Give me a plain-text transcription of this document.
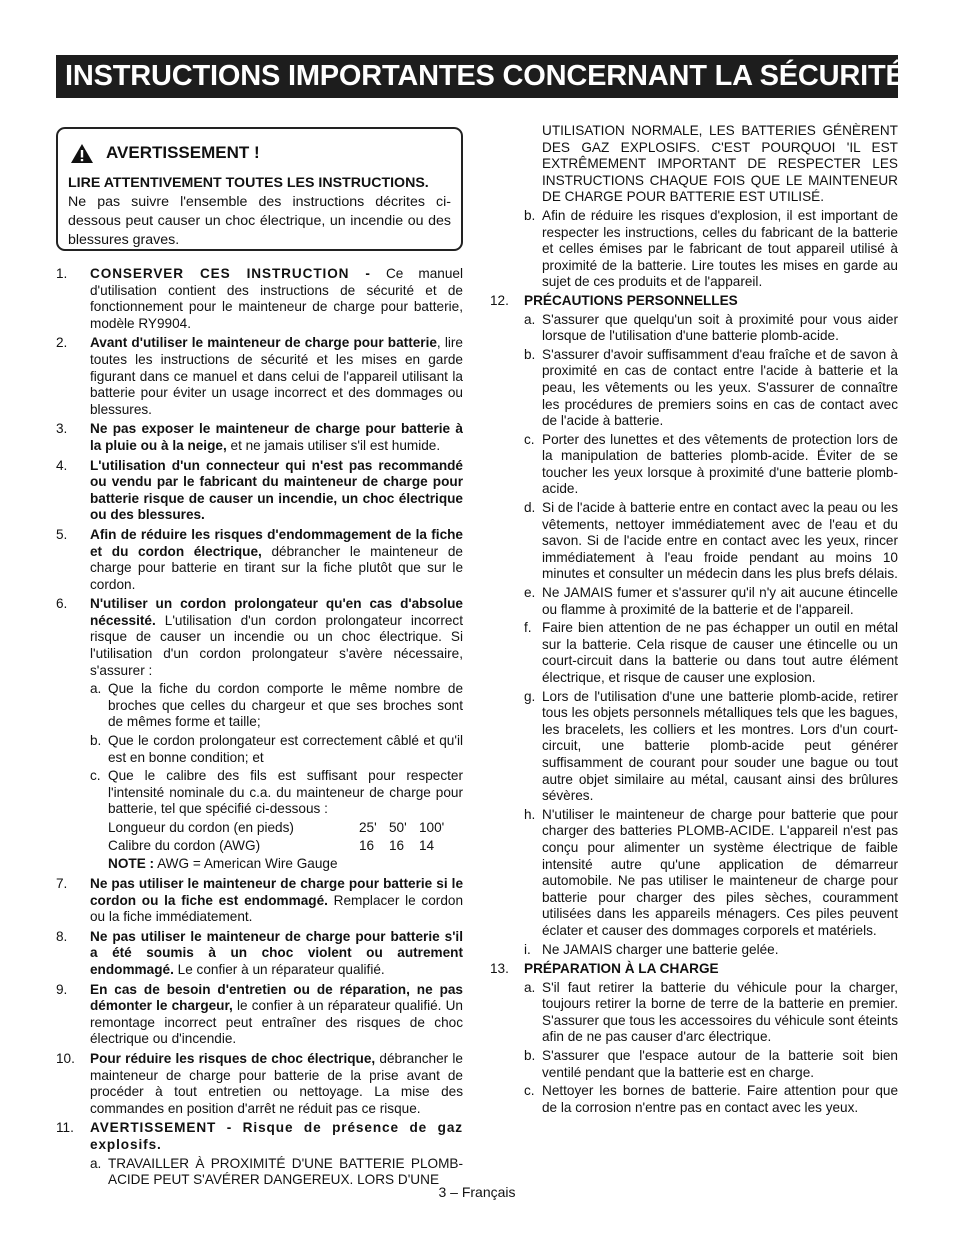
INSTRUCTIONS IMPORTANTES CONCERNANT LA SÉCURITÉ
AVERTISSEMENT !
LIRE ATTENTIVEMENT TOUTES LES INSTRUCTIONS.
Ne pas suivre l'ensemble des instructions décrites ci-dessous peut causer un choc électrique, un incendie ou des blessures graves.
1. CONSERVER CES INSTRUCTION - Ce manuel d'utilisation contient des instructions de sécurité et de fonctionnement pour le mainteneur de charge pour batterie, modèle RY9904.
2. Avant d'utiliser le mainteneur de charge pour batterie, lire toutes les instructions de sécurité et les mises en garde figurant dans ce manuel et dans celui de l'appareil utilisant la batterie pour éviter un usage incorrect et des dommages ou blessures.
3. Ne pas exposer le mainteneur de charge pour batterie à la pluie ou à la neige, et ne jamais utiliser s'il est humide.
4. L'utilisation d'un connecteur qui n'est pas recommandé ou vendu par le fabricant du mainteneur de charge pour batterie risque de causer un incendie, un choc électrique ou des blessures.
5. Afin de réduire les risques d'endommagement de la fiche et du cordon électrique, débrancher le mainteneur de charge pour batterie en tirant sur la fiche plutôt que sur le cordon.
6. N'utiliser un cordon prolongateur qu'en cas d'absolue nécessité. L'utilisation d'un cordon prolongateur incorrect risque de causer un incendie ou un choc électrique. Si l'utilisation d'un cordon prolongateur s'avère nécessaire, s'assurer :
a. Que la fiche du cordon comporte le même nombre de broches que celles du chargeur et que ses broches sont de mêmes forme et taille;
b. Que le cordon prolongateur est correctement câblé et qu'il est en bonne condition; et
c. Que le calibre des fils est suffisant pour respecter l'intensité nominale du c.a. du mainteneur de charge pour batterie, tel que spécifié ci-dessous :
Longueur du cordon (en pieds)	25'	50'	100'
Calibre du cordon (AWG)	16	16	14
NOTE : AWG = American Wire Gauge
7. Ne pas utiliser le mainteneur de charge pour batterie si le cordon ou la fiche est endommagé. Remplacer le cordon ou la fiche immédiatement.
8. Ne pas utiliser le mainteneur de charge pour batterie s'il a été soumis à un choc violent ou autrement endommagé. Le confier à un réparateur qualifié.
9. En cas de besoin d'entretien ou de réparation, ne pas démonter le chargeur, le confier à un réparateur qualifié. Un remontage incorrect peut entraîner des risques de choc électrique ou d'incendie.
10. Pour réduire les risques de choc électrique, débrancher le mainteneur de charge pour batterie de la prise avant de procéder à tout entretien ou nettoyage. La mise des commandes en position d'arrêt ne réduit pas ce risque.
11. AVERTISSEMENT - Risque de présence de gaz explosifs.
a. TRAVAILLER À PROXIMITÉ D'UNE BATTERIE PLOMB-ACIDE PEUT S'AVÉRER DANGEREUX. LORS D'UNE
UTILISATION NORMALE, LES BATTERIES GÉNÈRENT DES GAZ EXPLOSIFS. C'EST POURQUOI 'IL EST EXTRÊMEMENT IMPORTANT DE RESPECTER LES INSTRUCTIONS CHAQUE FOIS QUE LE MAINTENEUR DE CHARGE POUR BATTERIE EST UTILISÉ.
b. Afin de réduire les risques d'explosion, il est important de respecter les instructions, celles du fabricant de la batterie et celles émises par le fabricant de tout appareil utilisé à proximité de la batterie. Lire toutes les mises en garde au sujet de ces produits et de l'appareil.
12. PRÉCAUTIONS PERSONNELLES
a. S'assurer que quelqu'un soit à proximité pour vous aider lorsque de l'utilisation d'une batterie plomb-acide.
b. S'assurer d'avoir suffisamment d'eau fraîche et de savon à proximité en cas de contact entre l'acide à batterie et la peau, les vêtements ou les yeux. S'assurer de connaître les procédures de premiers soins en cas de contact avec de l'acide à batterie.
c. Porter des lunettes et des vêtements de protection lors de la manipulation de batteries plomb-acide. Éviter de se toucher les yeux lorsque à proximité d'une batterie plomb-acide.
d. Si de l'acide à batterie entre en contact avec la peau ou les vêtements, nettoyer immédiatement avec de l'eau et du savon. Si de l'acide entre en contact avec les yeux, rincer immédiatement à l'eau froide pendant au moins 10 minutes et consulter un médecin dans les plus brefs délais.
e. Ne JAMAIS fumer et s'assurer qu'il n'y ait aucune étincelle ou flamme à proximité de la batterie et de l'appareil.
f. Faire bien attention de ne pas échapper un outil en métal sur la batterie. Cela risque de causer une étincelle ou un court-circuit dans la batterie ou dans tout autre élément électrique, et risque de causer une explosion.
g. Lors de l'utilisation d'une une batterie plomb-acide, retirer tous les objets personnels métalliques tels que les bagues, les bracelets, les colliers et les montres. Lors d'un court-circuit, une batterie plomb-acide peut générer suffisamment de courant pour souder une bague ou tout autre objet similaire au métal, causant ainsi des brûlures sévères.
h. N'utiliser le mainteneur de charge pour batterie que pour charger des batteries PLOMB-ACIDE. L'appareil n'est pas conçu pour alimenter un système électrique de faible intensité autre qu'une application de démarreur automobile. Ne pas utiliser le mainteneur de charge pour batterie pour charger des piles sèches, couramment utilisées dans les appareils ménagers. Ces piles peuvent éclater et causer des dommages corporels et matériels.
i. Ne JAMAIS charger une batterie gelée.
13. PRÉPARATION À LA CHARGE
a. S'il faut retirer la batterie du véhicule pour la charger, toujours retirer la borne de terre de la batterie en premier. S'assurer que tous les accessoires du véhicule sont éteints afin de ne pas causer d'arc électrique.
b. S'assurer que l'espace autour de la batterie soit bien ventilé pendant que la batterie est en charge.
c. Nettoyer les bornes de batterie. Faire attention pour que de la corrosion n'entre pas en contact avec les yeux.
3 – Français
